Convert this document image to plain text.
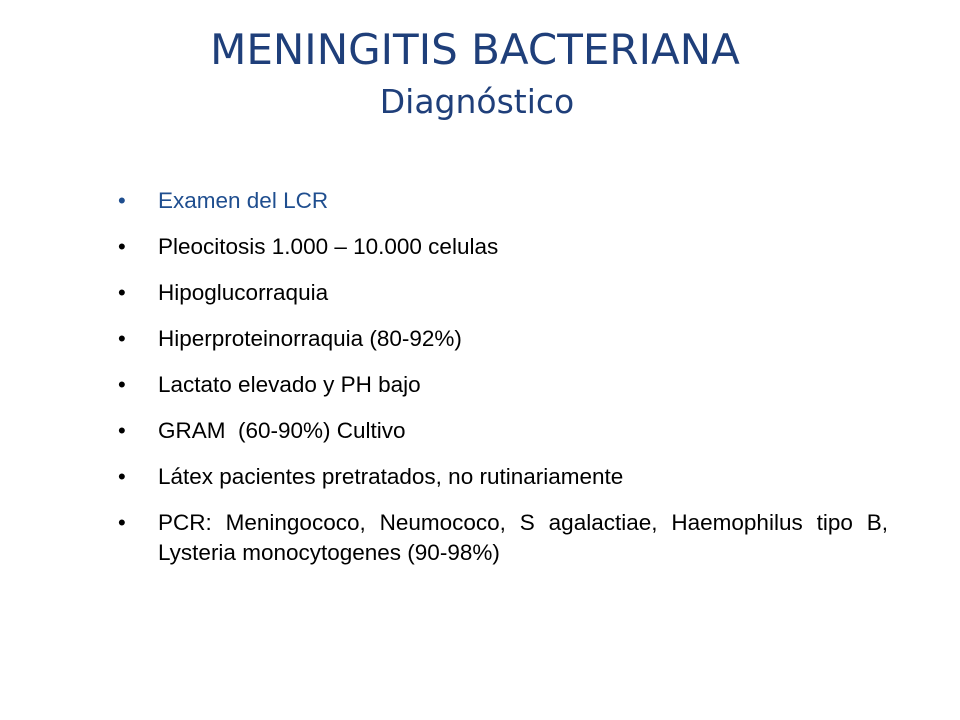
MENINGITIS BACTERIANA
Diagnóstico
•	Examen del LCR
•	Pleocitosis 1.000 – 10.000 celulas
•	Hipoglucorraquia
•	Hiperproteinorraquia (80-92%)
•	Lactato elevado y PH bajo
•	GRAM  (60-90%) Cultivo
•	Látex pacientes pretratados, no rutinariamente
•	PCR: Meningococo, Neumococo, S agalactiae, Haemophilus tipo B, Lysteria monocytogenes (90-98%)
